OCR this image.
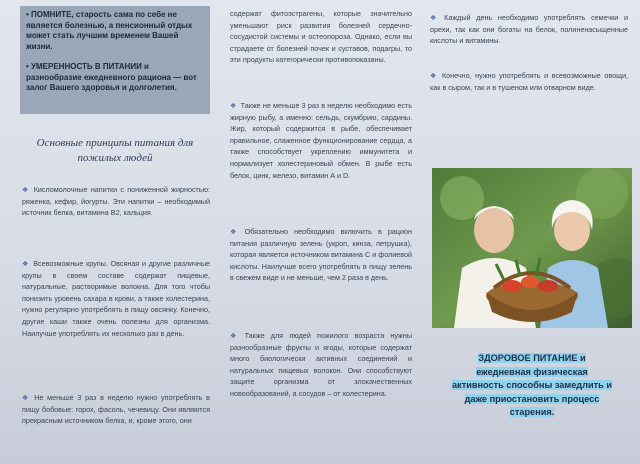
• ПОМНИТЕ, старость сама по себе не является болезнью, а пенсионный отдых может стать лучшим временем Вашей жизни.

• УМЕРЕННОСТЬ В ПИТАНИИ и разнообразие ежедневного рациона — вот залог Вашего здоровья и долголетия.

Основные принципы питания для пожилых людей
❖ Кисломолочные напитки с пониженной жирностью: ряженка, кефир, йогурты. Эти напитки – необходимый источник белка, витамина В2, кальция.
❖ Всевозможные крупы. Овсяная и другие различные крупы в своем составе содержат пищевые, натуральные, растворимые волокна. Для того чтобы понизить уровень сахара в крови, а также холестерина, нужно регулярно употреблять в пищу овсянку. Конечно, другие каши также очень полезны для организма. Наилучше употреблять их несколько раз в день.
❖ Не меньше 3 раз в неделю нужно употреблять в пищу бобовые: горох, фасоль, чечевицу. Они являются прекрасным источником белка, и, кроме этого, они
содержат фитоэстрагены, которые значительно уменьшают риск развития болезней сердечно-сосудистой системы и остеопороза. Однако, если вы страдаете от болезней почек и суставов, подагры, то эти продукты категорически противопоказаны.
❖ Также не меньше 3 раз в неделю необходимо есть жирную рыбу, а именно: сельдь, скумбрию, сардины. Жир, который содержится в рыбе, обеспечивает правильное, слаженное функционирование сердца, а также способствует укреплению иммунитета и нормализует холестериновый обмен. В рыбе есть белок, цинк, железо, витамин А и D.
❖ Обязательно необходимо включить в рацион питания различную зелень (укроп, кинза, петрушка), которая является источником витамина С и фолиевой кислоты. Наилучше всего употреблять в пищу зелень в свежем виде и не меньше, чем 2 раза в день.
❖ Также для людей пожилого возраста нужны разнообразные фрукты и ягоды, которые содержат много биологически активных соединений и натуральных пищевых волокон. Они способствуют защите организма от злокачественных новообразований, а сосудов – от холестерина.
❖ Каждый день необходимо употреблять семечки и орехи, так как они богаты на белок, полиненасыщенные кислоты и витамины.
❖ Конечно, нужно употреблять и всевозможные овощи, как в сыром, так и в тушеном или отварном виде.
ЗДОРОВОЕ ПИТАНИЕ и
ежедневная физическая
активность способны замедлить и
даже приостановить процесс
старения.
